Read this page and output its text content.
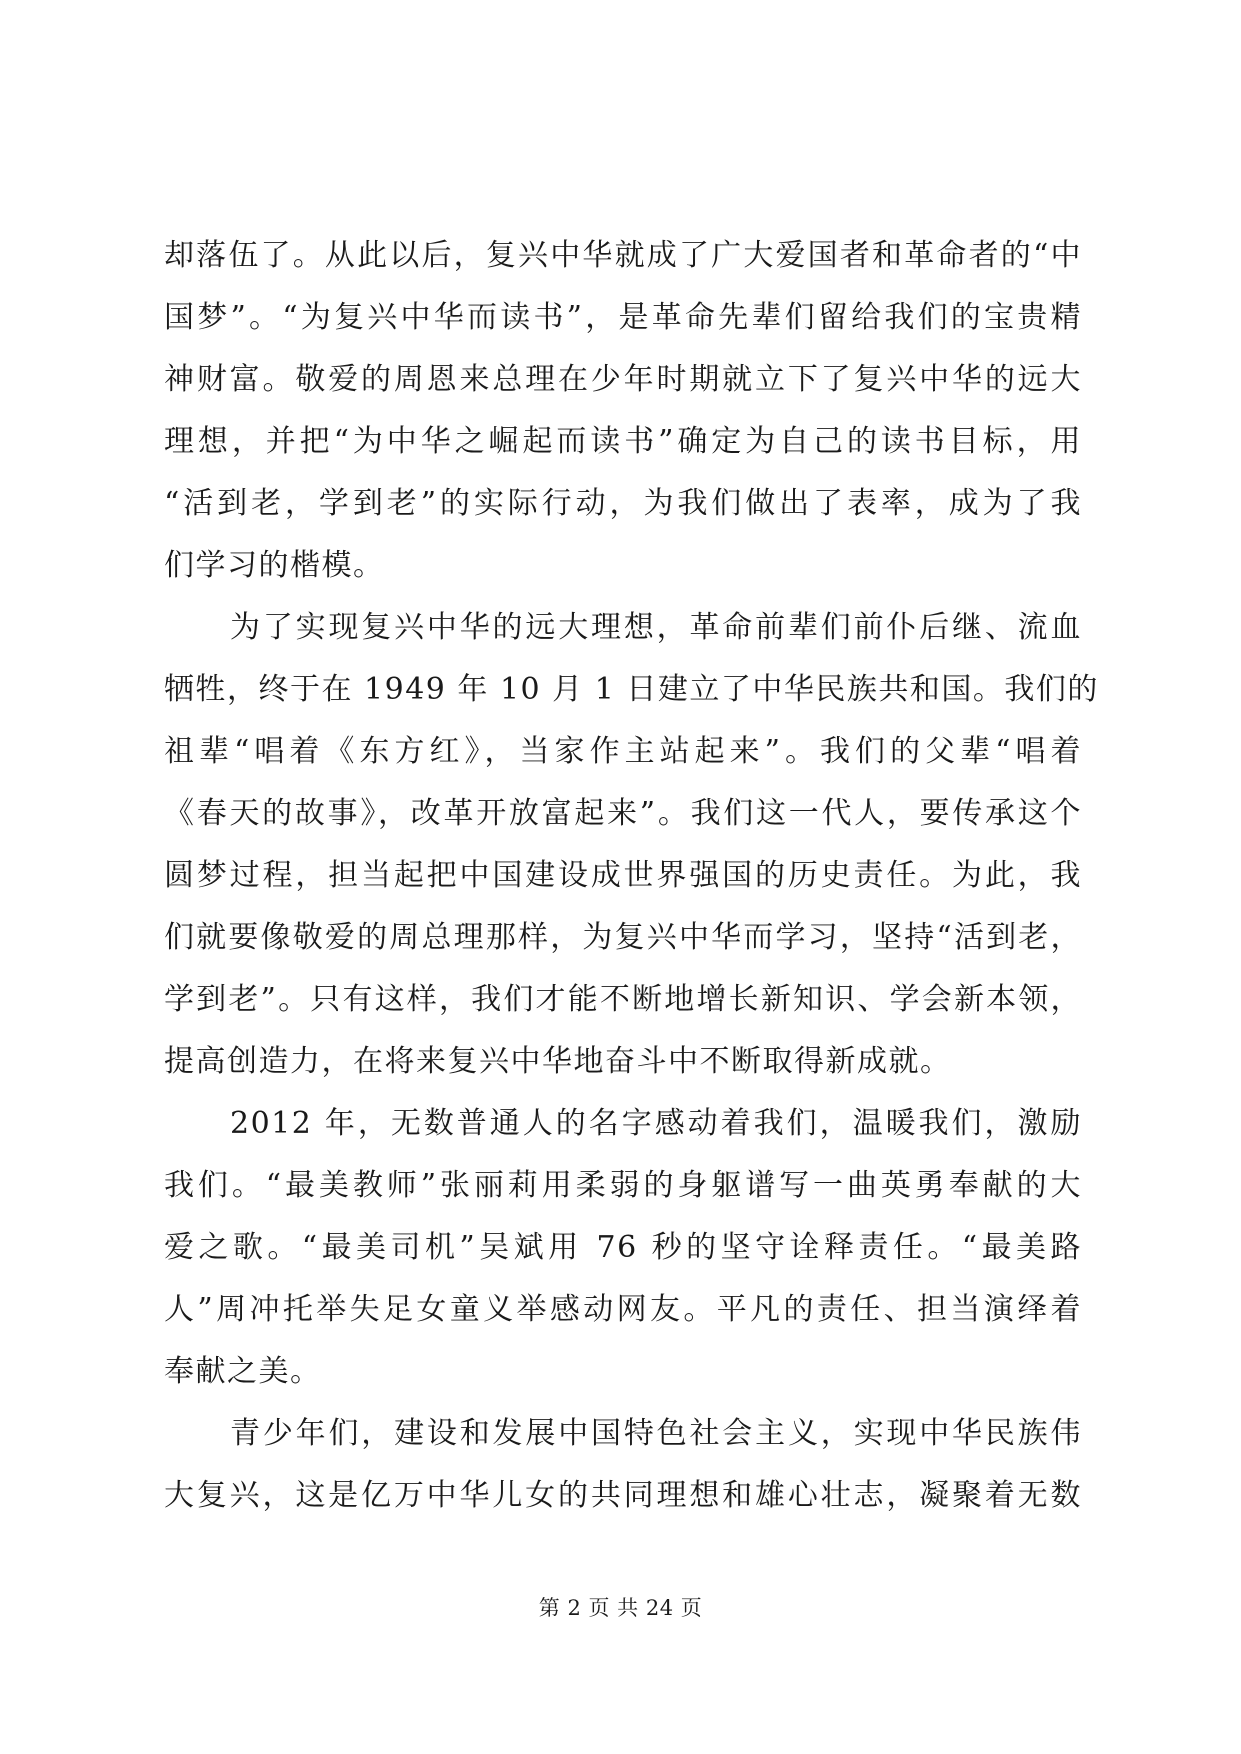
却落伍了。从此以后，复兴中华就成了广大爱国者和革命者的“中
国梦”。“为复兴中华而读书”，是革命先辈们留给我们的宝贵精
神财富。敬爱的周恩来总理在少年时期就立下了复兴中华的远大
理想，并把“为中华之崛起而读书”确定为自己的读书目标，用
“活到老，学到老”的实际行动，为我们做出了表率，成为了我
们学习的楷模。

为了实现复兴中华的远大理想，革命前辈们前仆后继、流血
牺牲，终于在 1949 年 10 月 1 日建立了中华民族共和国。我们的
祖辈“唱着《东方红》，当家作主站起来”。我们的父辈“唱着
《春天的故事》，改革开放富起来”。我们这一代人，要传承这个
圆梦过程，担当起把中国建设成世界强国的历史责任。为此，我
们就要像敬爱的周总理那样，为复兴中华而学习，坚持“活到老，
学到老”。只有这样，我们才能不断地增长新知识、学会新本领，
提高创造力，在将来复兴中华地奋斗中不断取得新成就。

2012 年，无数普通人的名字感动着我们，温暖我们，激励
我们。“最美教师”张丽莉用柔弱的身躯谱写一曲英勇奉献的大
爱之歌。“最美司机”吴斌用 76 秒的坚守诠释责任。“最美路
人”周冲托举失足女童义举感动网友。平凡的责任、担当演绎着
奉献之美。

青少年们，建设和发展中国特色社会主义，实现中华民族伟
大复兴，这是亿万中华儿女的共同理想和雄心壮志，凝聚着无数

第 2 页 共 24 页
